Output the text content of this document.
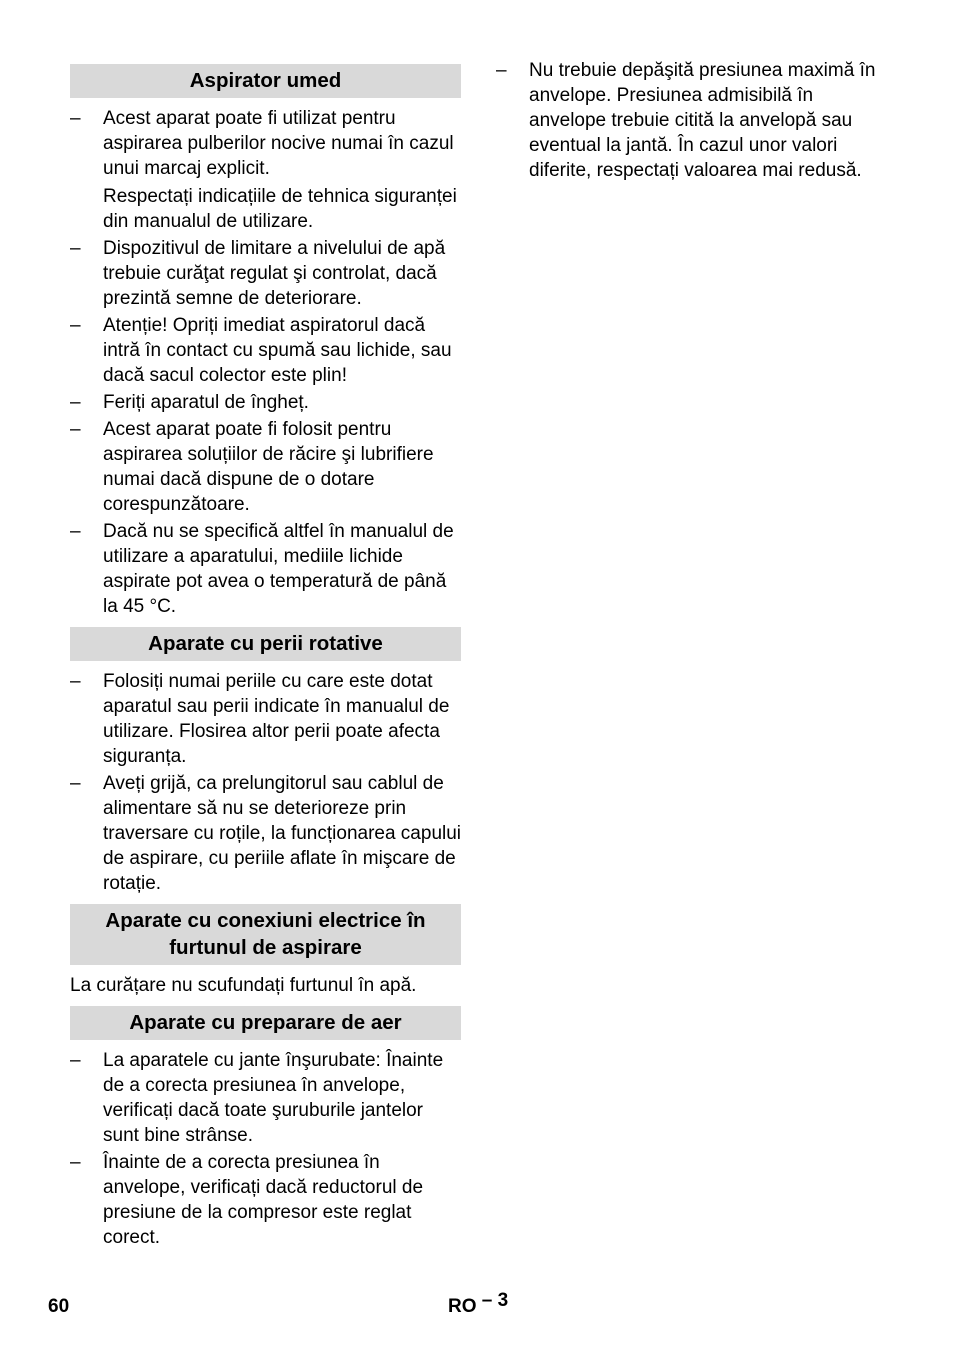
Aspirator umed
–	Acest aparat poate fi utilizat pentru aspirarea pulberilor nocive numai în cazul unui marcaj explicit.
Respectați indicațiile de tehnica siguranței din manualul de utilizare.
–	Dispozitivul de limitare a nivelului de apă trebuie curăţat regulat şi controlat, dacă prezintă semne de deteriorare.
–	Atenție! Opriți imediat aspiratorul dacă intră în contact cu spumă sau lichide, sau dacă sacul colector este plin!
–	Feriți aparatul de îngheț.
–	Acest aparat poate fi folosit pentru aspirarea soluțiilor de răcire şi lubrifiere numai dacă dispune de o dotare corespunzătoare.
–	Dacă nu se specifică altfel în manualul de utilizare a aparatului, mediile lichide aspirate pot avea o temperatură de până la 45 °C.
Aparate cu perii rotative
–	Folosiți numai periile cu care este dotat aparatul sau perii indicate în manualul de utilizare. Flosirea altor perii poate afecta siguranța.
–	Aveți grijă, ca prelungitorul sau cablul de alimentare să nu se deterioreze prin traversare cu roțile, la funcționarea capului de aspirare, cu periile aflate în mişcare de rotație.
Aparate cu conexiuni electrice în furtunul de aspirare
La curățare nu scufundați furtunul în apă.
Aparate cu preparare de aer
–	La aparatele cu jante înşurubate: Înainte de a corecta presiunea în anvelope, verificați dacă toate şuruburile jantelor sunt bine strânse.
–	Înainte de a corecta presiunea în anvelope, verificați dacă reductorul de presiune de la compresor este reglat corect.
–	Nu trebuie depăşită presiunea maximă în anvelope. Presiunea admisibilă în anvelope trebuie citită la anvelopă sau eventual la jantă. În cazul unor valori diferite, respectați valoarea mai redusă.
60	RO – 3
